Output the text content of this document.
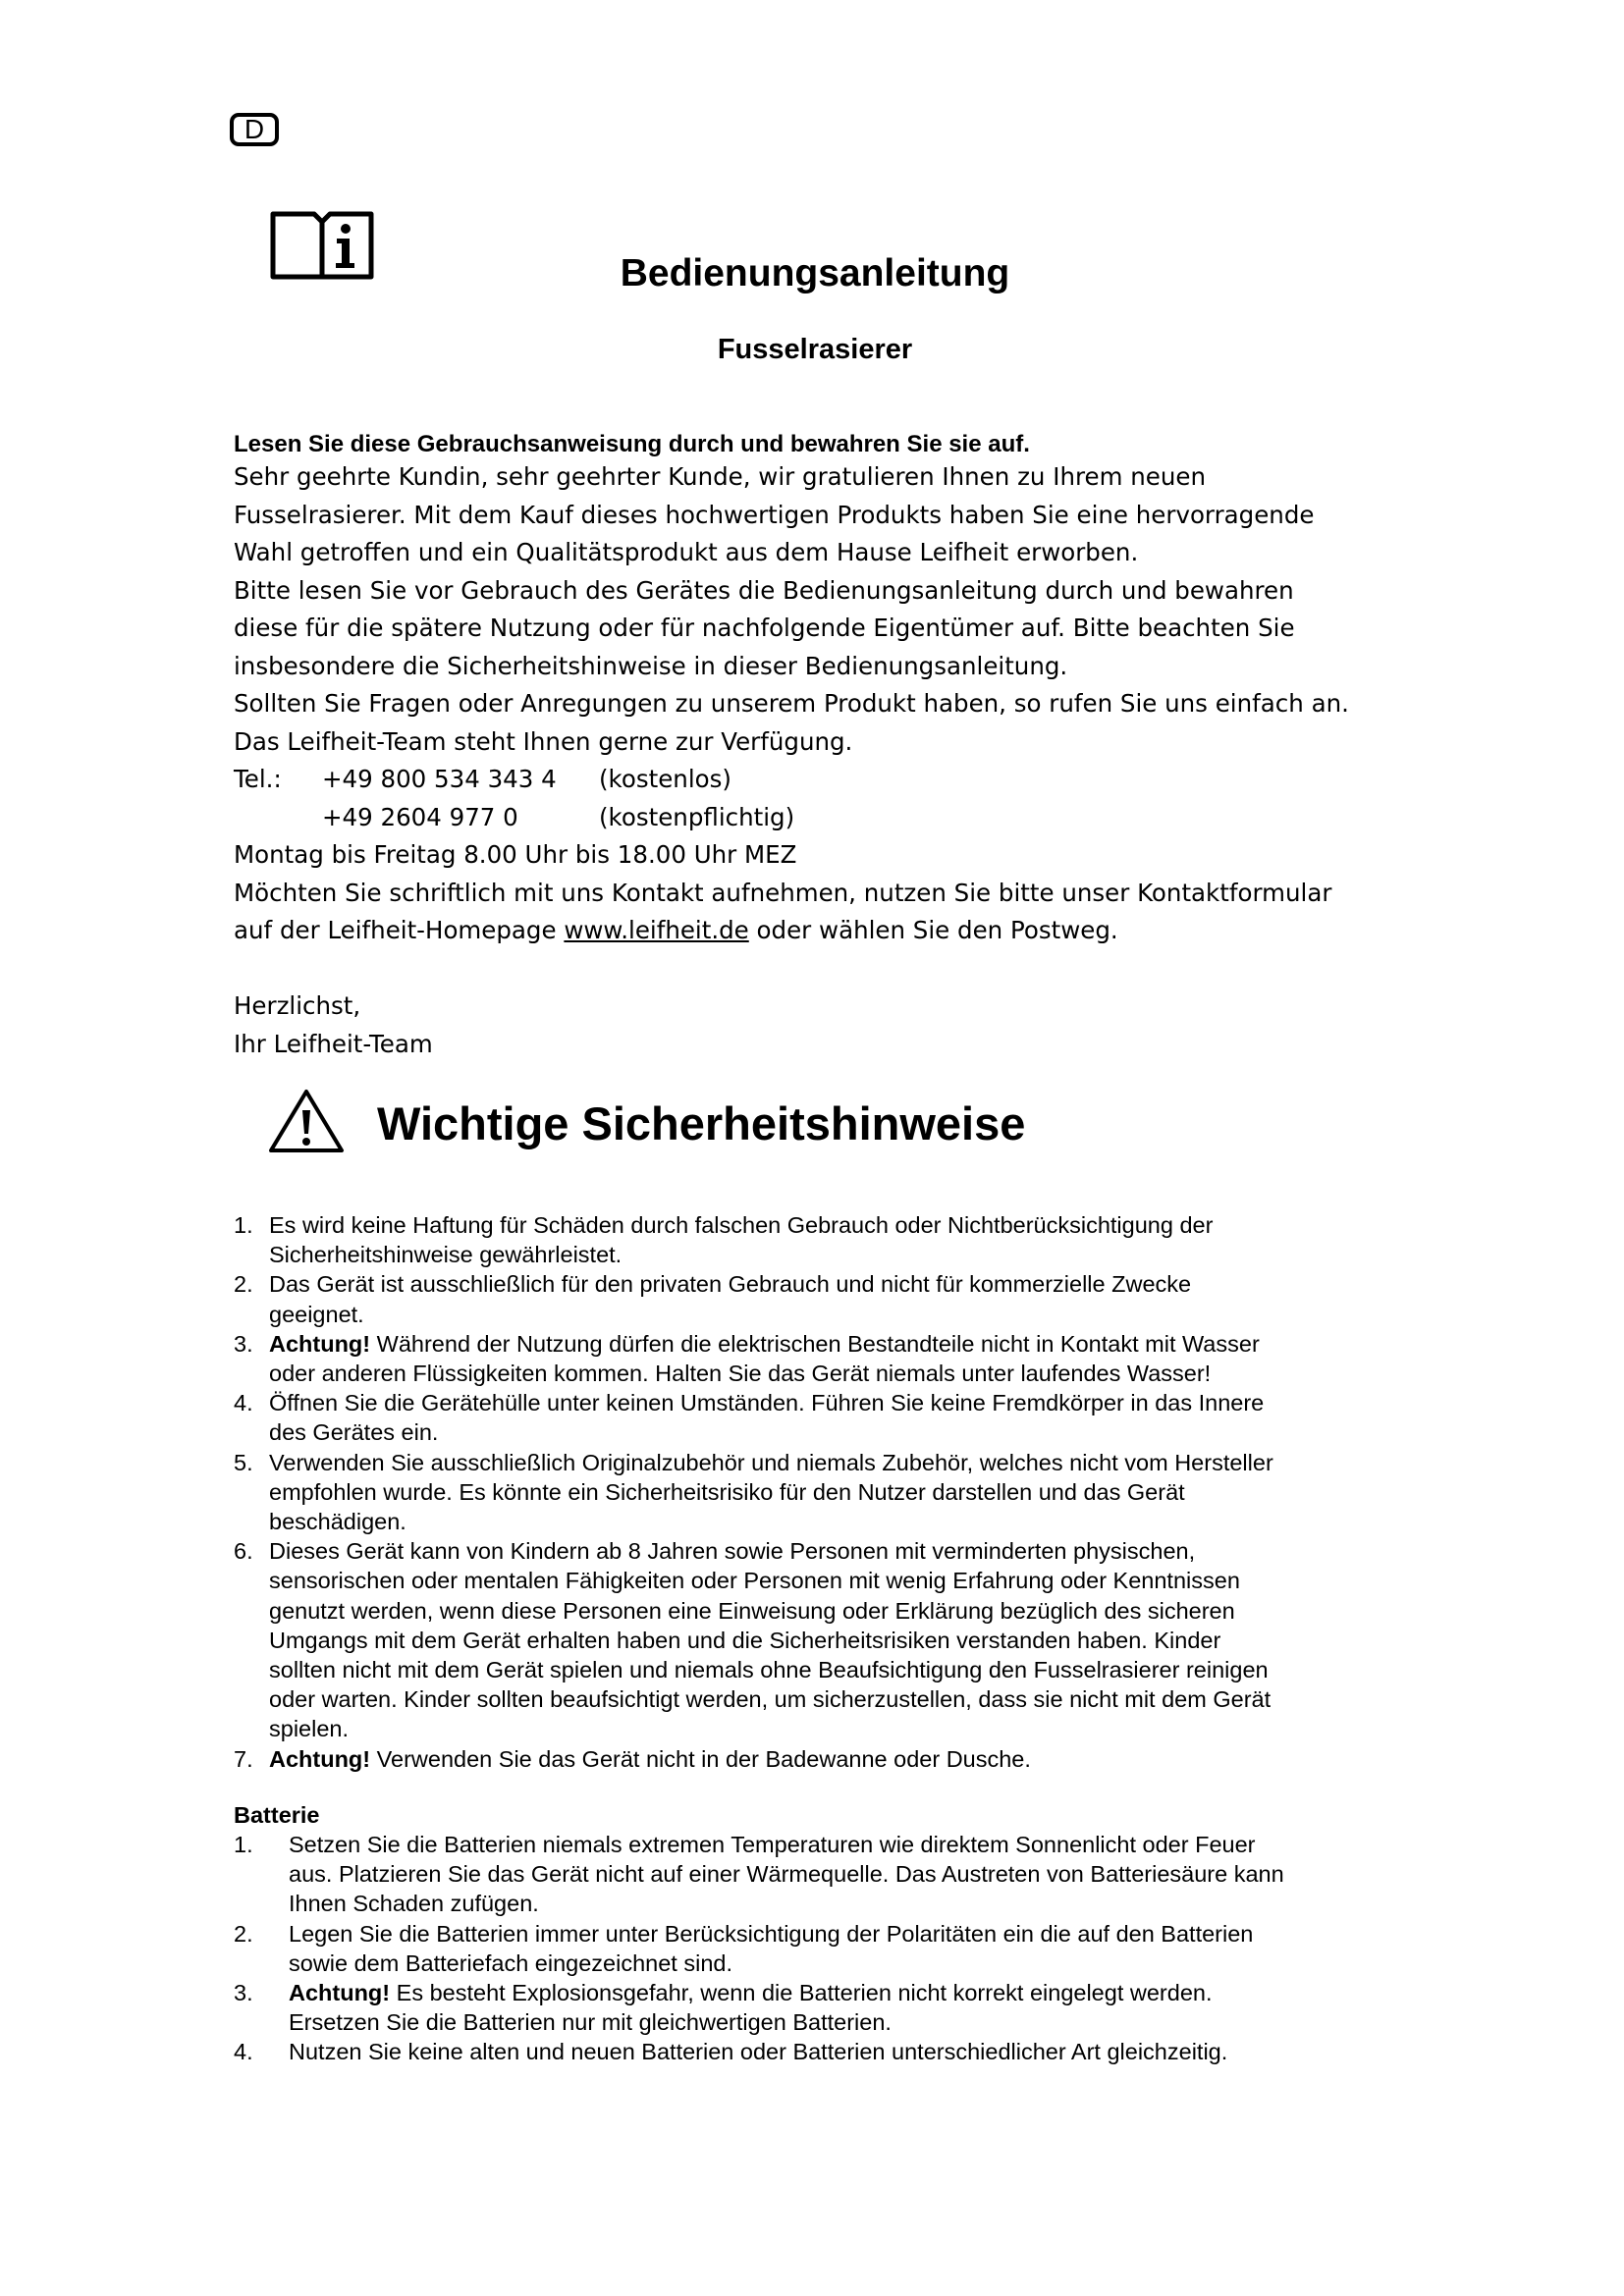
D
Bedienungsanleitung
Fusselrasierer
Lesen Sie diese Gebrauchsanweisung durch und bewahren Sie sie auf.
Sehr geehrte Kundin, sehr geehrter Kunde, wir gratulieren Ihnen zu Ihrem neuen
Fusselrasierer. Mit dem Kauf dieses hochwertigen Produkts haben Sie eine hervorragende
Wahl getroffen und ein Qualitätsprodukt aus dem Hause Leifheit erworben.
Bitte lesen Sie vor Gebrauch des Gerätes die Bedienungsanleitung durch und bewahren
diese für die spätere Nutzung oder für nachfolgende Eigentümer auf. Bitte beachten Sie
insbesondere die Sicherheitshinweise in dieser Bedienungsanleitung.
Sollten Sie Fragen oder Anregungen zu unserem Produkt haben, so rufen Sie uns einfach an.
Das Leifheit-Team steht Ihnen gerne zur Verfügung.
Tel.: +49 800 534 343 4 (kostenlos)
+49 2604 977 0	(kostenpflichtig)
Montag bis Freitag 8.00 Uhr bis 18.00 Uhr MEZ
Möchten Sie schriftlich mit uns Kontakt aufnehmen, nutzen Sie bitte unser Kontaktformular
auf der Leifheit-Homepage www.leifheit.de oder wählen Sie den Postweg.
Herzlichst,
Ihr Leifheit-Team
Wichtige Sicherheitshinweise
1. Es wird keine Haftung für Schäden durch falschen Gebrauch oder Nichtberücksichtigung der
Sicherheitshinweise gewährleistet.
2. Das Gerät ist ausschließlich für den privaten Gebrauch und nicht für kommerzielle Zwecke
geeignet.
3. Achtung! Während der Nutzung dürfen die elektrischen Bestandteile nicht in Kontakt mit Wasser
oder anderen Flüssigkeiten kommen. Halten Sie das Gerät niemals unter laufendes Wasser!
4. Öffnen Sie die Gerätehülle unter keinen Umständen. Führen Sie keine Fremdkörper in das Innere
des Gerätes ein.
5. Verwenden Sie ausschließlich Originalzubehör und niemals Zubehör, welches nicht vom Hersteller
empfohlen wurde. Es könnte ein Sicherheitsrisiko für den Nutzer darstellen und das Gerät
beschädigen.
6. Dieses Gerät kann von Kindern ab 8 Jahren sowie Personen mit verminderten physischen,
sensorischen oder mentalen Fähigkeiten oder Personen mit wenig Erfahrung oder Kenntnissen
genutzt werden, wenn diese Personen eine Einweisung oder Erklärung bezüglich des sicheren
Umgangs mit dem Gerät erhalten haben und die Sicherheitsrisiken verstanden haben. Kinder
sollten nicht mit dem Gerät spielen und niemals ohne Beaufsichtigung den Fusselrasierer reinigen
oder warten. Kinder sollten beaufsichtigt werden, um sicherzustellen, dass sie nicht mit dem Gerät
spielen.
7. Achtung! Verwenden Sie das Gerät nicht in der Badewanne oder Dusche.
Batterie
1. Setzen Sie die Batterien niemals extremen Temperaturen wie direktem Sonnenlicht oder Feuer
aus. Platzieren Sie das Gerät nicht auf einer Wärmequelle. Das Austreten von Batteriesäure kann
Ihnen Schaden zufügen.
2. Legen Sie die Batterien immer unter Berücksichtigung der Polaritäten ein die auf den Batterien
sowie dem Batteriefach eingezeichnet sind.
3. Achtung! Es besteht Explosionsgefahr, wenn die Batterien nicht korrekt eingelegt werden.
Ersetzen Sie die Batterien nur mit gleichwertigen Batterien.
4. Nutzen Sie keine alten und neuen Batterien oder Batterien unterschiedlicher Art gleichzeitig.
